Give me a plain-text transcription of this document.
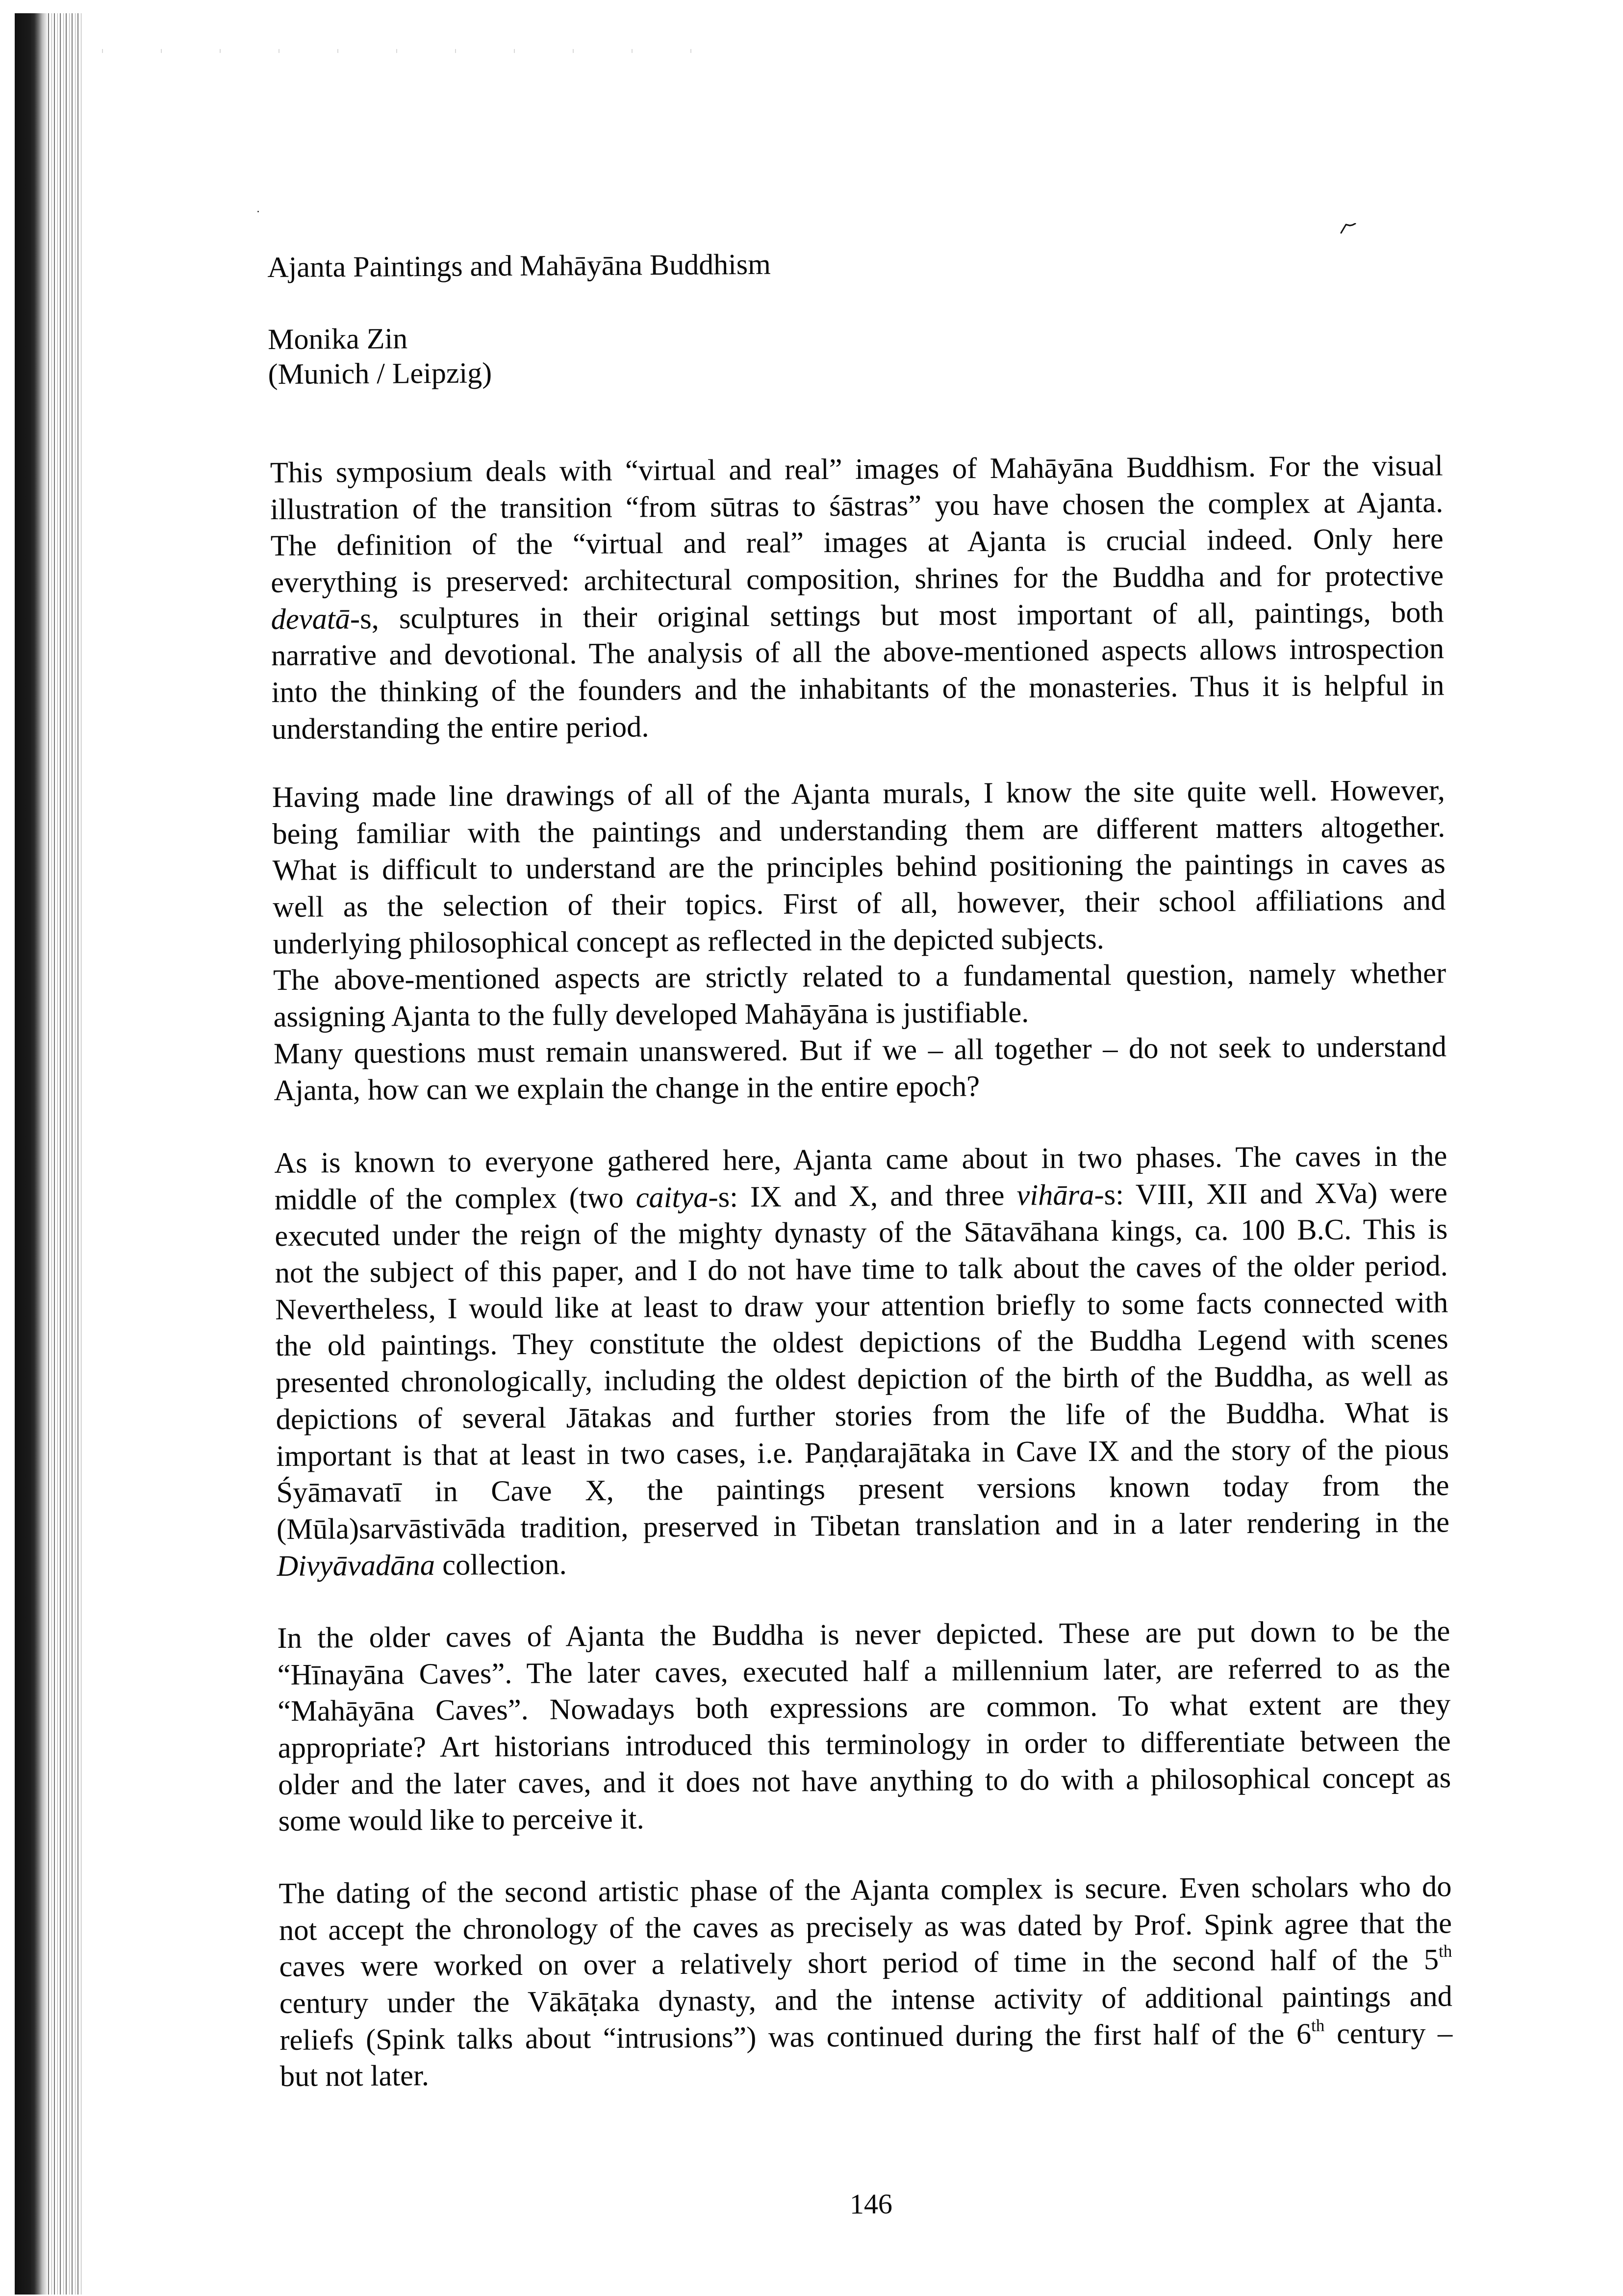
Ajanta Paintings and Mahāyāna Buddhism
Monika Zin
(Munich / Leipzig)
This symposium deals with “virtual and real” images of Mahāyāna Buddhism. For the visual
illustration of the transition “from sūtras to śāstras” you have chosen the complex at Ajanta.
The definition of the “virtual and real” images at Ajanta is crucial indeed. Only here
everything is preserved: architectural composition, shrines for the Buddha and for protective
devatā-s, sculptures in their original settings but most important of all, paintings, both
narrative and devotional. The analysis of all the above-mentioned aspects allows introspection
into the thinking of the founders and the inhabitants of the monasteries. Thus it is helpful in
understanding the entire period.
Having made line drawings of all of the Ajanta murals, I know the site quite well. However,
being familiar with the paintings and understanding them are different matters altogether.
What is difficult to understand are the principles behind positioning the paintings in caves as
well as the selection of their topics. First of all, however, their school affiliations and
underlying philosophical concept as reflected in the depicted subjects.
The above-mentioned aspects are strictly related to a fundamental question, namely whether
assigning Ajanta to the fully developed Mahāyāna is justifiable.
Many questions must remain unanswered. But if we – all together – do not seek to understand
Ajanta, how can we explain the change in the entire epoch?
As is known to everyone gathered here, Ajanta came about in two phases. The caves in the
middle of the complex (two caitya-s: IX and X, and three vihāra-s: VIII, XII and XVa) were
executed under the reign of the mighty dynasty of the Sātavāhana kings, ca. 100 B.C. This is
not the subject of this paper, and I do not have time to talk about the caves of the older period.
Nevertheless, I would like at least to draw your attention briefly to some facts connected with
the old paintings. They constitute the oldest depictions of the Buddha Legend with scenes
presented chronologically, including the oldest depiction of the birth of the Buddha, as well as
depictions of several Jātakas and further stories from the life of the Buddha. What is
important is that at least in two cases, i.e. Paṇḍarajātaka in Cave IX and the story of the pious
Śyāmavatī in Cave X, the paintings present versions known today from the
(Mūla)sarvāstivāda tradition, preserved in Tibetan translation and in a later rendering in the
Divyāvadāna collection.
In the older caves of Ajanta the Buddha is never depicted. These are put down to be the
“Hīnayāna Caves”. The later caves, executed half a millennium later, are referred to as the
“Mahāyāna Caves”. Nowadays both expressions are common. To what extent are they
appropriate? Art historians introduced this terminology in order to differentiate between the
older and the later caves, and it does not have anything to do with a philosophical concept as
some would like to perceive it.
The dating of the second artistic phase of the Ajanta complex is secure. Even scholars who do
not accept the chronology of the caves as precisely as was dated by Prof. Spink agree that the
caves were worked on over a relatively short period of time in the second half of the 5th
century under the Vākāṭaka dynasty, and the intense activity of additional paintings and
reliefs (Spink talks about “intrusions”) was continued during the first half of the 6th century –
but not later.
146
